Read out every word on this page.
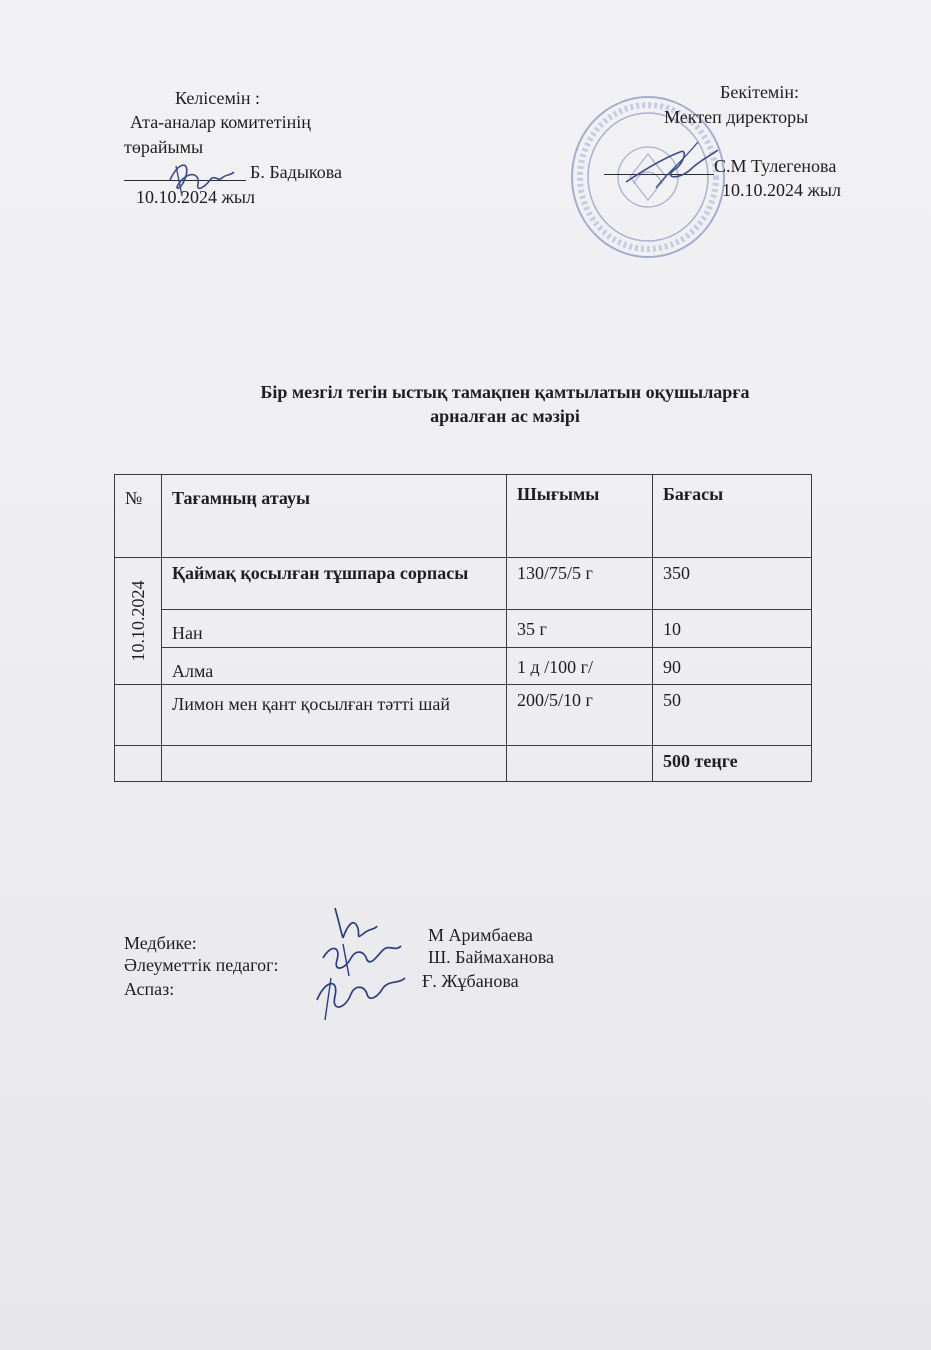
Келісемін :
Ата-аналар комитетінің
төрайымы
Б. Бадыкова
10.10.2024 жыл
Бекітемін:
Мектеп директоры
С.М Тулегенова
10.10.2024 жыл
Бір мезгіл тегін ыстық тамақпен қамтылатын оқушыларға
арналған ас мәзірі
№	Тағамның атауы	Шығымы	Бағасы

10.10.2024	Қаймақ қосылған тұшпара сорпасы	130/75/5 г	350
	Нан	35 г	10
	Алма	1 д /100 г/	90
	Лимон мен қант қосылған тәтті шай	200/5/10 г	50
			500 теңге
Медбике:
Әлеуметтік педагог:
Аспаз:
М Аримбаева
Ш. Баймаханова
Ғ. Жұбанова
